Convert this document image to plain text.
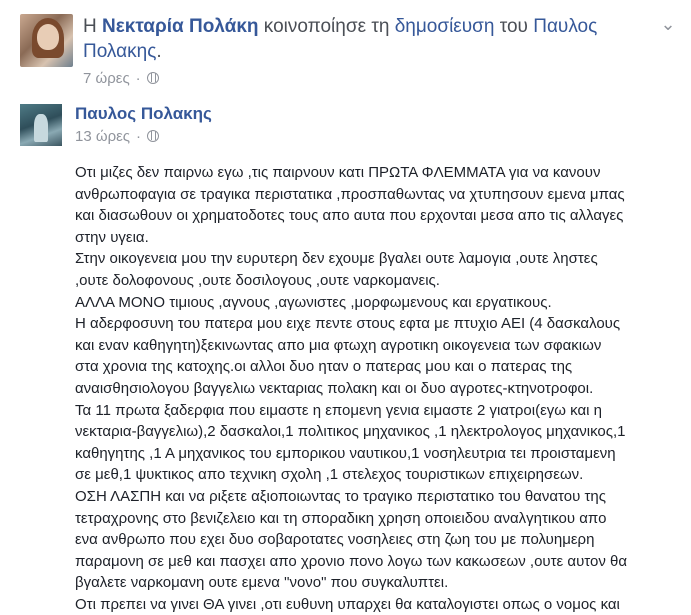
Η Νεκταρία Πολάκη κοινοποίησε τη δημοσίευση του Παυλος Πολακης.
⌄
7 ώρες ·
Παυλος Πολακης
13 ώρες ·

Οτι μιζες δεν παιρνω εγω ,τις παιρνουν κατι ΠΡΩΤΑ ΦΛΕΜΜΑΤΑ για να κανουν

ανθρωποφαγια σε τραγικα περιστατικα ,προσπαθωντας να χτυπησουν εμενα μπας

και διασωθουν οι χρηματοδοτες τους απο αυτα που ερχονται μεσα απο τις αλλαγες

στην υγεια.

Στην οικογενεια μου την ευρυτερη δεν εχουμε βγαλει ουτε λαμογια ,ουτε ληστες

,ουτε δολοφονους ,ουτε δοσιλογους ,ουτε ναρκομανεις.

ΑΛΛΑ ΜΟΝΟ τιμιους ,αγνους ,αγωνιστες ,μορφωμενους και εργατικους.

Η αδερφοσυνη του πατερα μου ειχε πεντε στους εφτα με πτυχιο ΑΕΙ (4 δασκαλους

και εναν καθηγητη)ξεκινωντας απο μια φτωχη αγροτικη οικογενεια των σφακιων

στα χρονια της κατοχης.οι αλλοι δυο ηταν ο πατερας μου και ο πατερας της

αναισθησιολογου βαγγελιω νεκταριας πολακη και οι δυο αγροτες-κτηνοτροφοι.

Τα 11 πρωτα ξαδερφια που ειμαστε η επομενη γενια ειμαστε 2 γιατροι(εγω και η

νεκταρια-βαγγελιω),2 δασκαλοι,1 πολιτικος μηχανικος ,1 ηλεκτρολογος μηχανικος,1

καθηγητης ,1 Α μηχανικος του εμπορικου ναυτικου,1 νοσηλευτρια τει προισταμενη

σε μεθ,1 ψυκτικος απο τεχνικη σχολη ,1 στελεχος τουριστικων επιχειρησεων.

ΟΣΗ ΛΑΣΠΗ και να ριξετε αξιοποιωντας το τραγικο περιστατικο του θανατου της

τετραχρονης στο βενιζελειο και τη σποραδικη χρηση οποιειδου αναλγητικου απο

ενα ανθρωπο που εχει δυο σοβαροτατες νοσηλειες στη ζωη του με πολυημερη

παραμονη σε μεθ και πασχει απο χρονιο πονο λογω των κακωσεων ,ουτε αυτον θα

βγαλετε ναρκομανη ουτε εμενα "νονο" που συγκαλυπτει.

Οτι πρεπει να γινει ΘΑ γινει ,οτι ευθυνη υπαρχει θα καταλογιστει οπως ο νομος και
